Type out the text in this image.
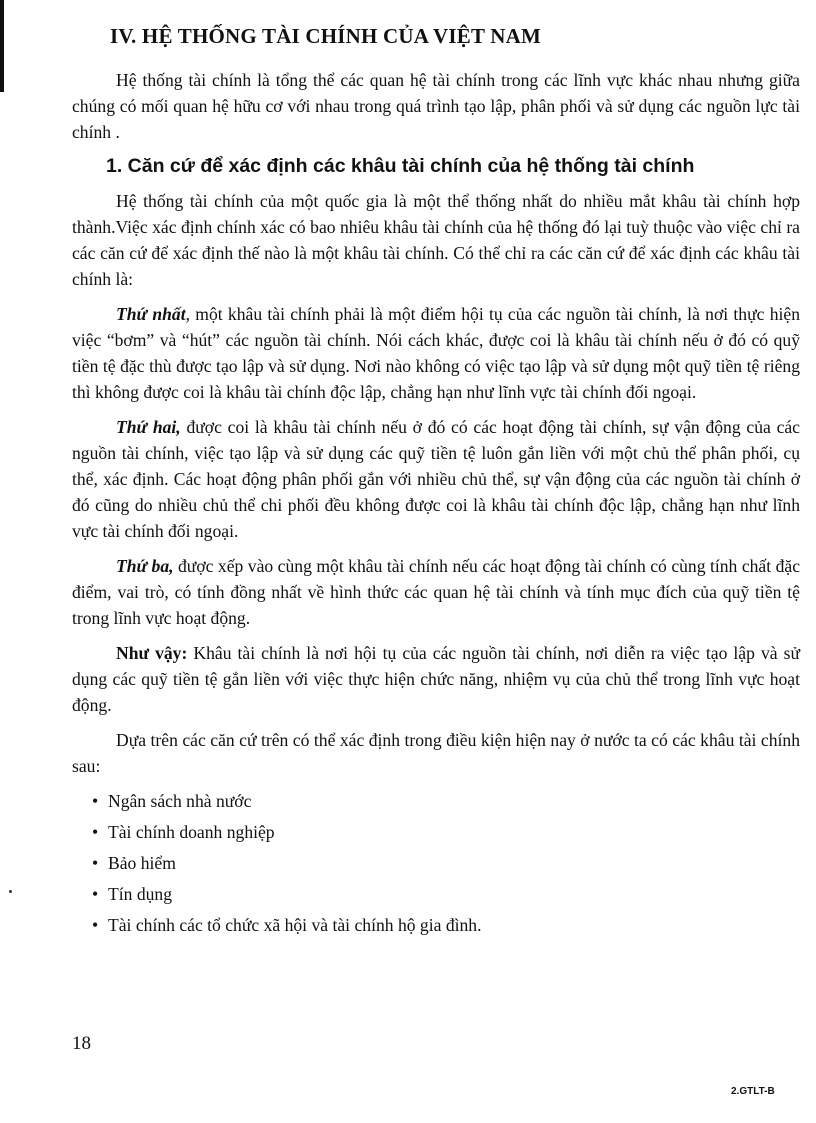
IV. HỆ THỐNG TÀI CHÍNH CỦA VIỆT NAM

Hệ thống tài chính là tổng thể các quan hệ tài chính trong các lĩnh vực khác nhau nhưng giữa chúng có mối quan hệ hữu cơ với nhau trong quá trình tạo lập, phân phối và sử dụng các nguồn lực tài chính .

1. Căn cứ để xác định các khâu tài chính của hệ thống tài chính

Hệ thống tài chính của một quốc gia là một thể thống nhất do nhiều mắt khâu tài chính hợp thành.Việc xác định chính xác có bao nhiêu khâu tài chính của hệ thống đó lại tuỳ thuộc vào việc chỉ ra các căn cứ để xác định thế nào là một khâu tài chính. Có thể chỉ ra các căn cứ để xác định các khâu tài chính là:

Thứ nhất, một khâu tài chính phải là một điểm hội tụ của các nguồn tài chính, là nơi thực hiện việc “bơm” và “hút” các nguồn tài chính. Nói cách khác, được coi là khâu tài chính nếu ở đó có quỹ tiền tệ đặc thù được tạo lập và sử dụng. Nơi nào không có việc tạo lập và sử dụng một quỹ tiền tệ riêng thì không được coi là khâu tài chính độc lập, chẳng hạn như lĩnh vực tài chính đối ngoại.

Thứ hai, được coi là khâu tài chính nếu ở đó có các hoạt động tài chính, sự vận động của các nguồn tài chính, việc tạo lập và sử dụng các quỹ tiền tệ luôn gắn liền với một chủ thể phân phối, cụ thể, xác định. Các hoạt động phân phối gắn với nhiều chủ thể, sự vận động của các nguồn tài chính ở đó cũng do nhiều chủ thể chi phối đều không được coi là khâu tài chính độc lập, chẳng hạn như lĩnh vực tài chính đối ngoại.

Thứ ba, được xếp vào cùng một khâu tài chính nếu các hoạt động tài chính có cùng tính chất đặc điểm, vai trò, có tính đồng nhất về hình thức các quan hệ tài chính và tính mục đích của quỹ tiền tệ trong lĩnh vực hoạt động.

Như vậy: Khâu tài chính là nơi hội tụ của các nguồn tài chính, nơi diễn ra việc tạo lập và sử dụng các quỹ tiền tệ gắn liền với việc thực hiện chức năng, nhiệm vụ của chủ thể trong lĩnh vực hoạt động.

Dựa trên các căn cứ trên có thể xác định trong điều kiện hiện nay ở nước ta có các khâu tài chính sau:

• Ngân sách nhà nước
• Tài chính doanh nghiệp
• Bảo hiểm
• Tín dụng
• Tài chính các tổ chức xã hội và tài chính hộ gia đình.
18
2.GTLT-B
